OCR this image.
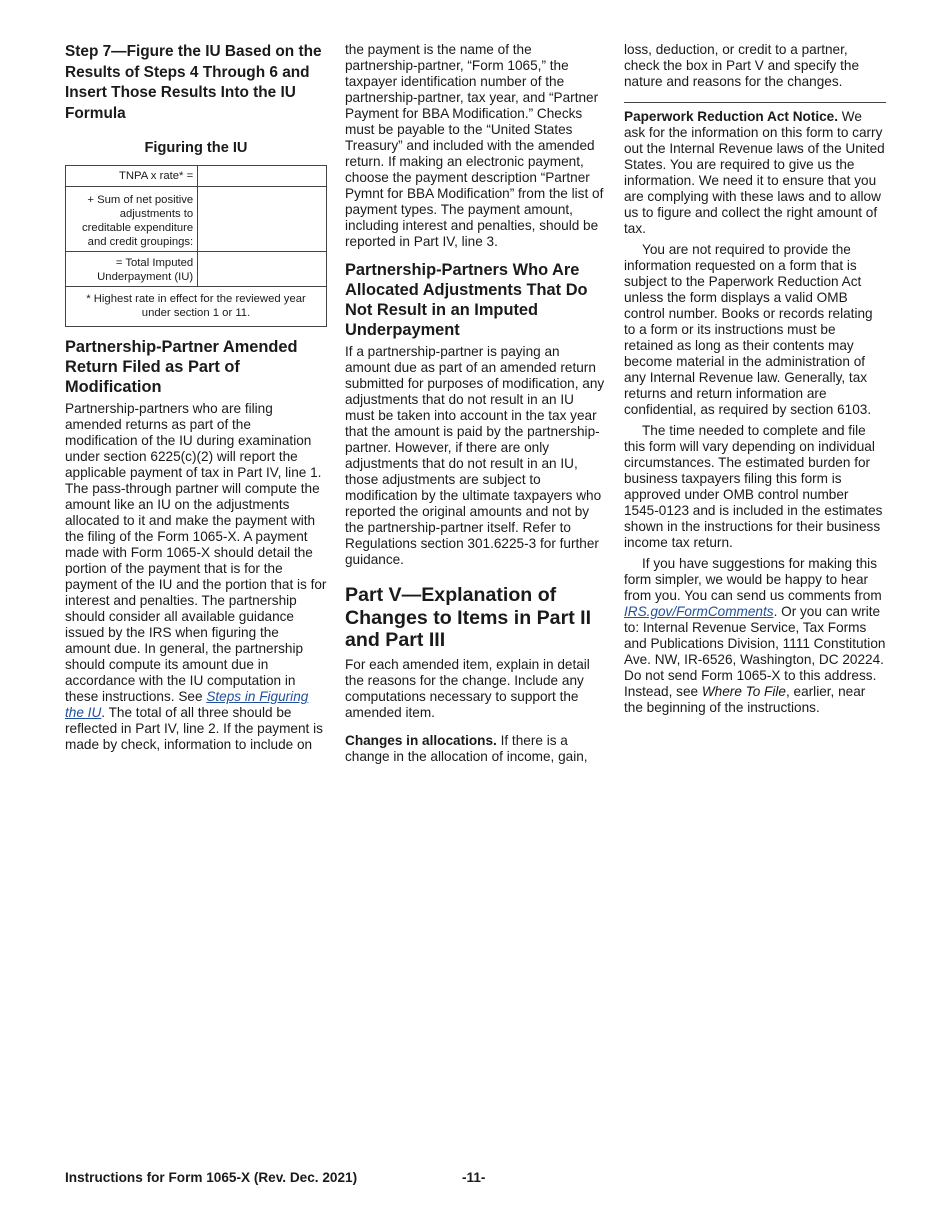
Step 7—Figure the IU Based on the Results of Steps 4 Through 6 and Insert Those Results Into the IU Formula
Figuring the IU
TNPA x rate* =	
+ Sum of net positive adjustments to creditable expenditure and credit groupings:	
= Total Imputed Underpayment (IU)	
* Highest rate in effect for the reviewed year under section 1 or 11.	
Partnership-Partner Amended Return Filed as Part of Modification

Partnership-partners who are filing amended returns as part of the modification of the IU during examination under section 6225(c)(2) will report the applicable payment of tax in Part IV, line 1. The pass-through partner will compute the amount like an IU on the adjustments allocated to it and make the payment with the filing of the Form 1065-X. A payment made with Form 1065-X should detail the portion of the payment that is for the payment of the IU and the portion that is for interest and penalties. The partnership should consider all available guidance issued by the IRS when figuring the amount due. In general, the partnership should compute its amount due in accordance with the IU computation in these instructions. See Steps in Figuring the IU. The total of all three should be reflected in Part IV, line 2. If the payment is made by check, information to include on

the payment is the name of the partnership-partner, “Form 1065,” the taxpayer identification number of the partnership-partner, tax year, and “Partner Payment for BBA Modification.” Checks must be payable to the “United States Treasury” and included with the amended return. If making an electronic payment, choose the payment description “Partner Pymnt for BBA Modification” from the list of payment types. The payment amount, including interest and penalties, should be reported in Part IV, line 3.

Partnership-Partners Who Are Allocated Adjustments That Do Not Result in an Imputed Underpayment

If a partnership-partner is paying an amount due as part of an amended return submitted for purposes of modification, any adjustments that do not result in an IU must be taken into account in the tax year that the amount is paid by the partnership-partner. However, if there are only adjustments that do not result in an IU, those adjustments are subject to modification by the ultimate taxpayers who reported the original amounts and not by the partnership-partner itself. Refer to Regulations section 301.6225-3 for further guidance.

Part V—Explanation of Changes to Items in Part II and Part III

For each amended item, explain in detail the reasons for the change. Include any computations necessary to support the amended item.

Changes in allocations. If there is a change in the allocation of income, gain,

loss, deduction, or credit to a partner, check the box in Part V and specify the nature and reasons for the changes.

Paperwork Reduction Act Notice. We ask for the information on this form to carry out the Internal Revenue laws of the United States. You are required to give us the information. We need it to ensure that you are complying with these laws and to allow us to figure and collect the right amount of tax.

You are not required to provide the information requested on a form that is subject to the Paperwork Reduction Act unless the form displays a valid OMB control number. Books or records relating to a form or its instructions must be retained as long as their contents may become material in the administration of any Internal Revenue law. Generally, tax returns and return information are confidential, as required by section 6103.

The time needed to complete and file this form will vary depending on individual circumstances. The estimated burden for business taxpayers filing this form is approved under OMB control number 1545-0123 and is included in the estimates shown in the instructions for their business income tax return.

If you have suggestions for making this form simpler, we would be happy to hear from you. You can send us comments from IRS.gov/FormComments. Or you can write to: Internal Revenue Service, Tax Forms and Publications Division, 1111 Constitution Ave. NW, IR-6526, Washington, DC 20224. Do not send Form 1065-X to this address. Instead, see Where To File, earlier, near the beginning of the instructions.

Instructions for Form 1065-X (Rev. Dec. 2021)	-11-
